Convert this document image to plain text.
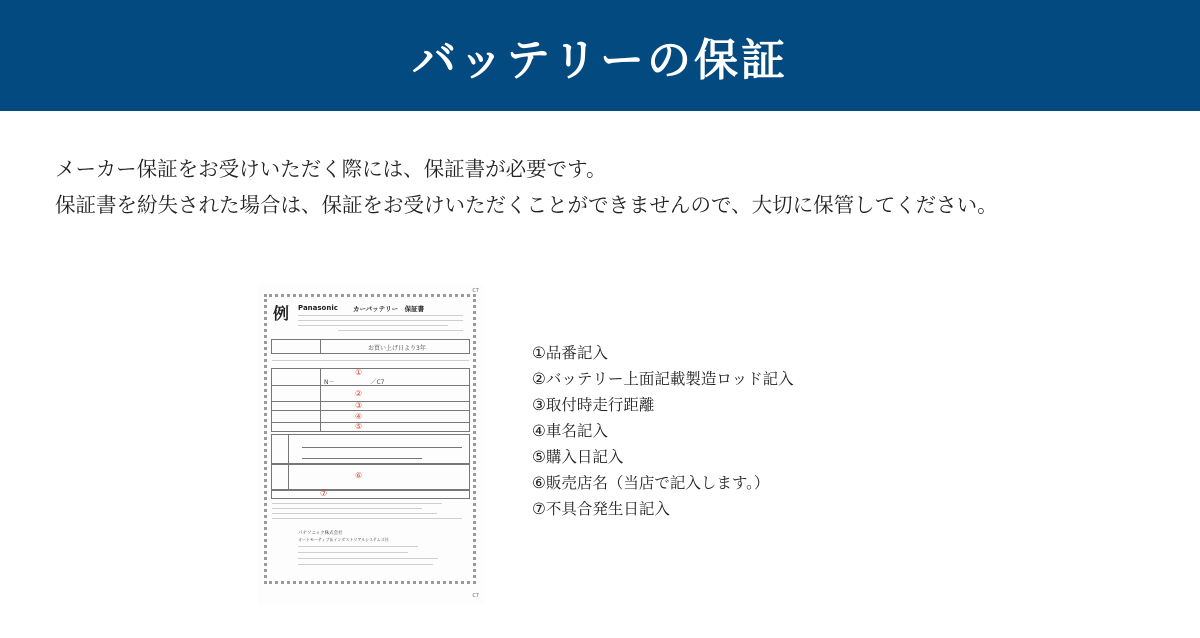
バッテリーの保証

メーカー保証をお受けいただく際には、保証書が必要です。

保証書を紛失された場合は、保証をお受けいただくことができませんので、大切に保管してください。

C7
C7
例 Panasonic カーバッテリー　保証書
お買い上げ日より3年
N－　　　　　　／C7
①
②
③
④
⑤
⑥
⑦
パナソニック株式会社
オートモーティブ＆インダストリアルシステムズ社
①品番記入
②バッテリー上面記載製造ロッド記入
③取付時走行距離
④車名記入
⑤購入日記入
⑥販売店名（当店で記入します。）
⑦不具合発生日記入
